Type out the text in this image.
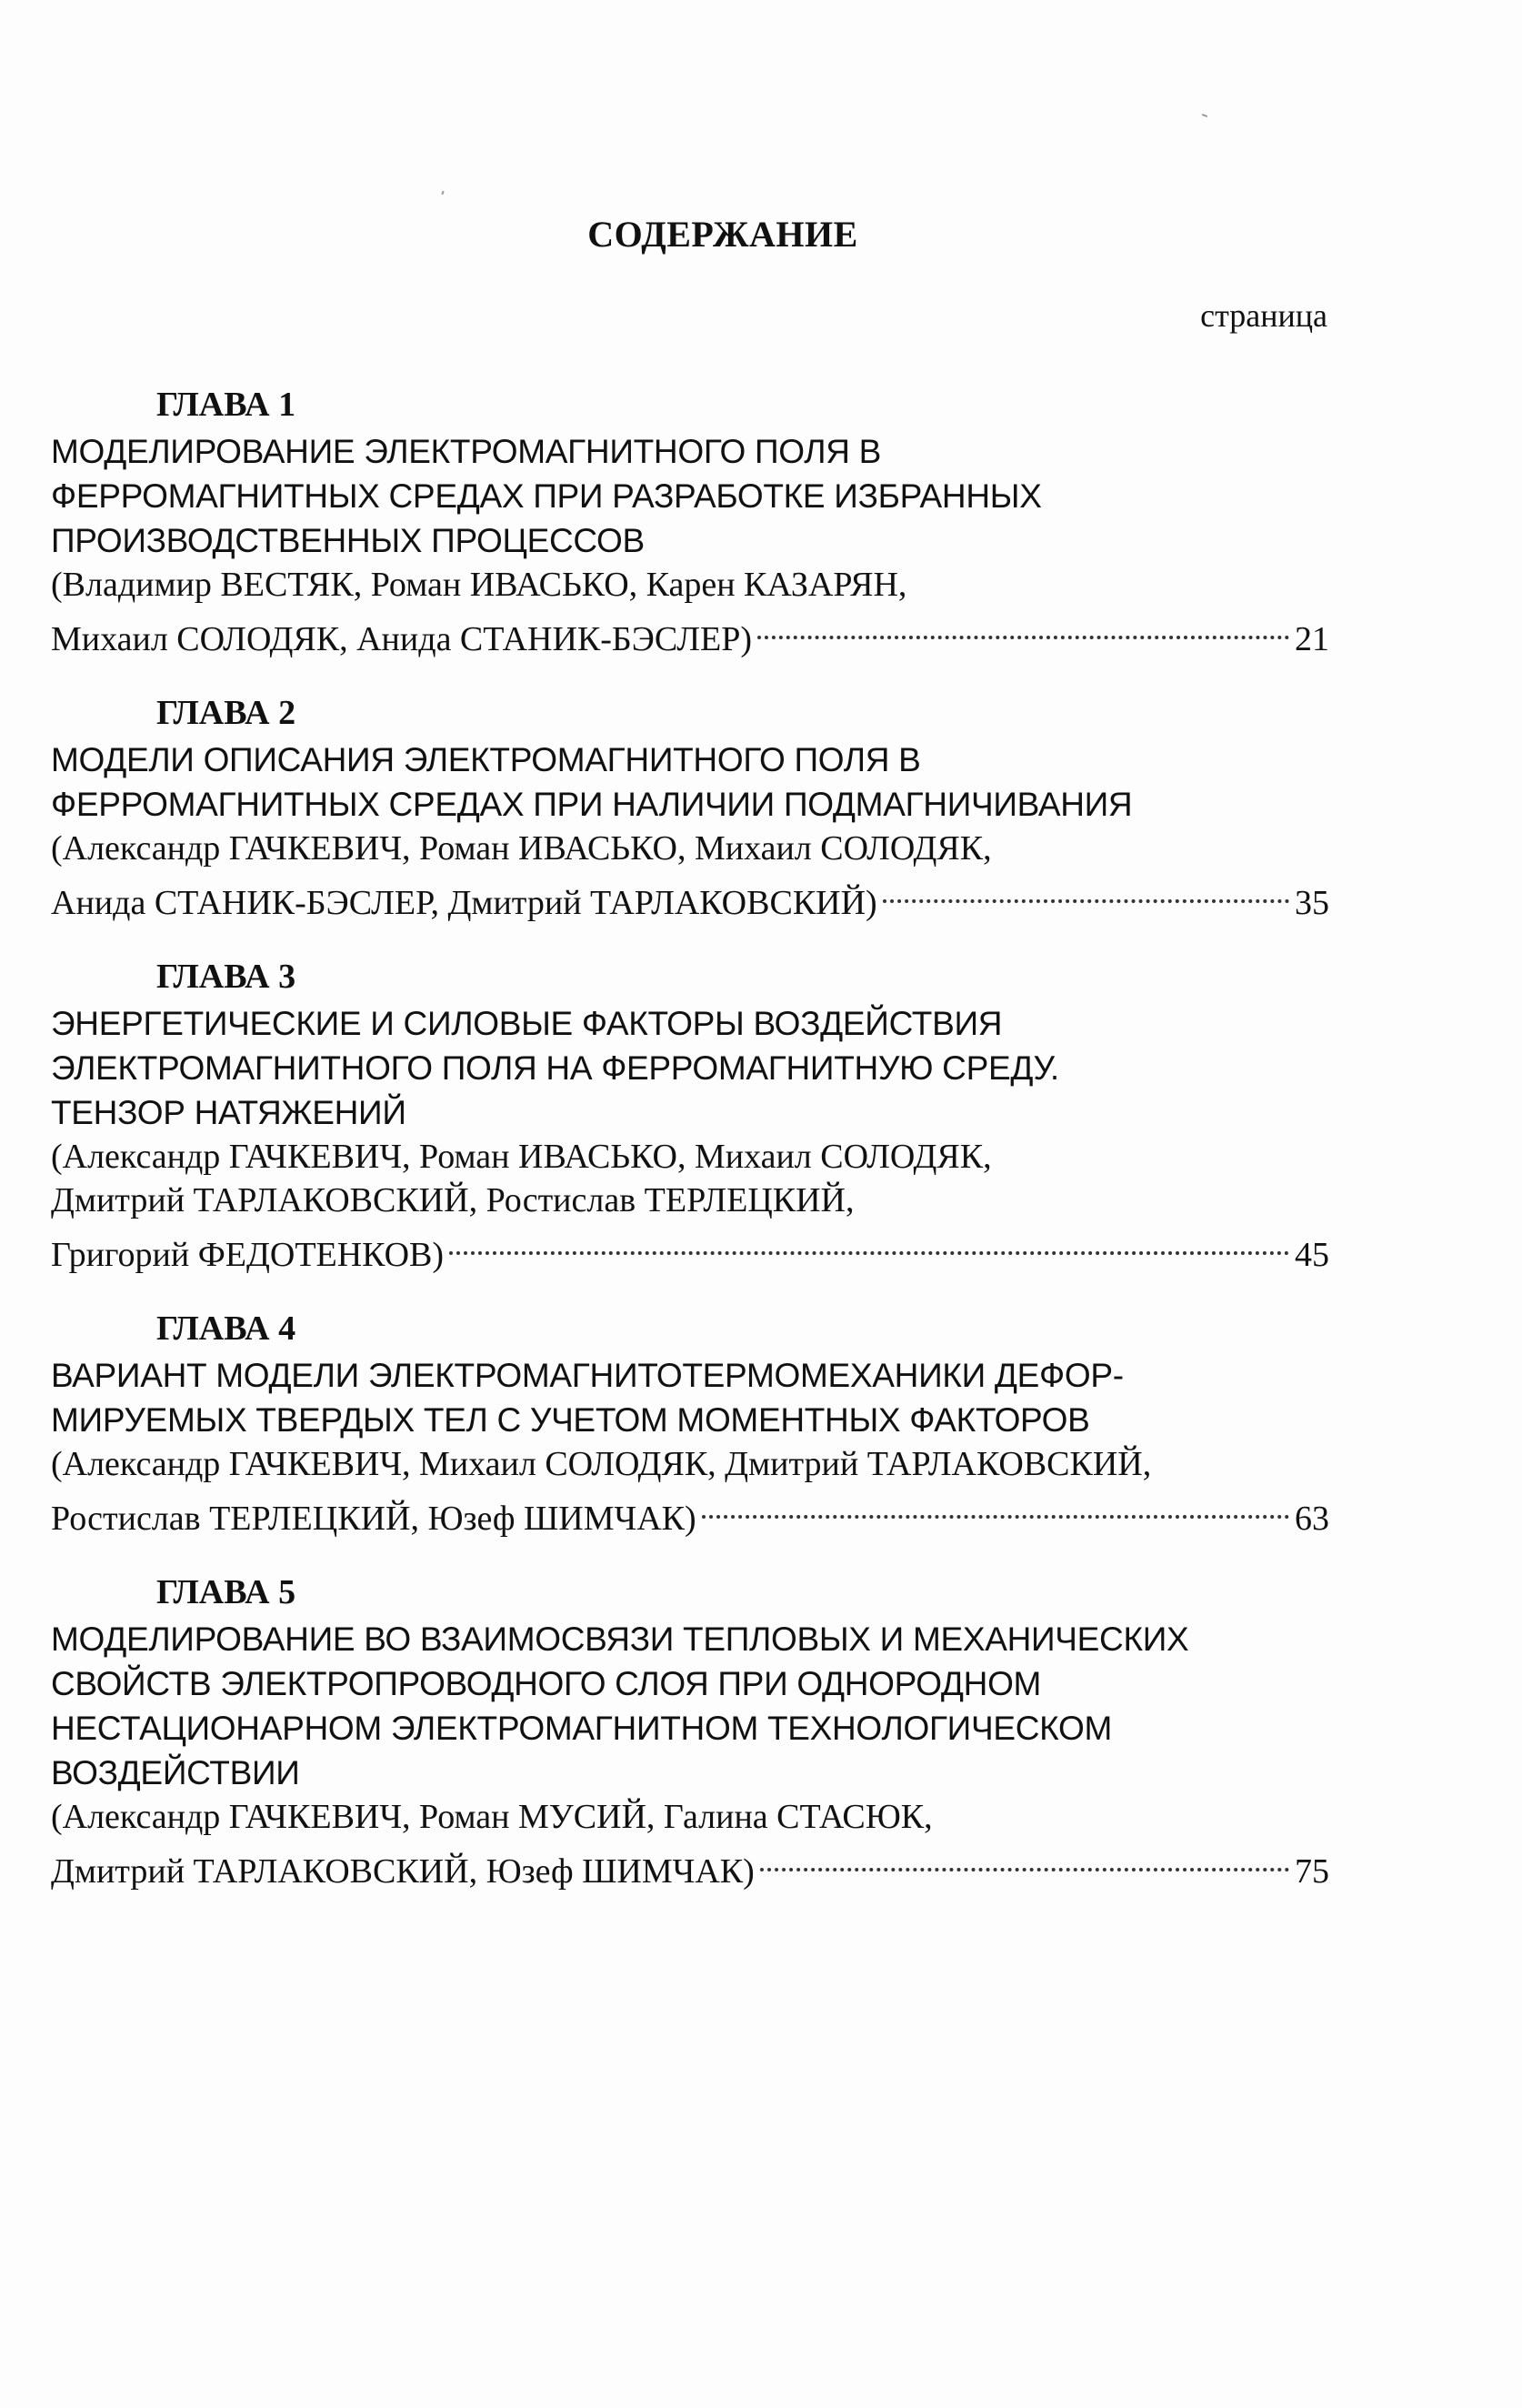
СОДЕРЖАНИЕ
страница
ГЛАВА 1
МОДЕЛИРОВАНИЕ ЭЛЕКТРОМАГНИТНОГО ПОЛЯ В
ФЕРРОМАГНИТНЫХ СРЕДАХ ПРИ РАЗРАБОТКЕ ИЗБРАННЫХ
ПРОИЗВОДСТВЕННЫХ ПРОЦЕССОВ
(Владимир ВЕСТЯК, Роман ИВАСЬКО, Карен КАЗАРЯН,
Михаил СОЛОДЯК, Анида СТАНИК-БЭСЛЕР)	21
ГЛАВА 2
МОДЕЛИ ОПИСАНИЯ ЭЛЕКТРОМАГНИТНОГО ПОЛЯ В
ФЕРРОМАГНИТНЫХ СРЕДАХ ПРИ НАЛИЧИИ ПОДМАГНИЧИВАНИЯ
(Александр ГАЧКЕВИЧ, Роман ИВАСЬКО, Михаил СОЛОДЯК,
Анида СТАНИК-БЭСЛЕР, Дмитрий ТАРЛАКОВСКИЙ)	35
ГЛАВА 3
ЭНЕРГЕТИЧЕСКИЕ И СИЛОВЫЕ ФАКТОРЫ ВОЗДЕЙСТВИЯ
ЭЛЕКТРОМАГНИТНОГО ПОЛЯ НА ФЕРРОМАГНИТНУЮ СРЕДУ.
ТЕНЗОР НАТЯЖЕНИЙ
(Александр ГАЧКЕВИЧ, Роман ИВАСЬКО, Михаил СОЛОДЯК,
Дмитрий ТАРЛАКОВСКИЙ, Ростислав ТЕРЛЕЦКИЙ,
Григорий ФЕДОТЕНКОВ)	45
ГЛАВА 4
ВАРИАНТ МОДЕЛИ ЭЛЕКТРОМАГНИТОТЕРМОМЕХАНИКИ ДЕФОР-
МИРУЕМЫХ ТВЕРДЫХ ТЕЛ С УЧЕТОМ МОМЕНТНЫХ ФАКТОРОВ
(Александр ГАЧКЕВИЧ, Михаил СОЛОДЯК, Дмитрий ТАРЛАКОВСКИЙ,
Ростислав ТЕРЛЕЦКИЙ, Юзеф ШИМЧАК)	63
ГЛАВА 5
МОДЕЛИРОВАНИЕ ВО ВЗАИМОСВЯЗИ ТЕПЛОВЫХ И МЕХАНИЧЕСКИХ
СВОЙСТВ ЭЛЕКТРОПРОВОДНОГО СЛОЯ ПРИ ОДНОРОДНОМ
НЕСТАЦИОНАРНОМ ЭЛЕКТРОМАГНИТНОМ ТЕХНОЛОГИЧЕСКОМ
ВОЗДЕЙСТВИИ
(Александр ГАЧКЕВИЧ, Роман МУСИЙ, Галина СТАСЮК,
Дмитрий ТАРЛАКОВСКИЙ, Юзеф ШИМЧАК)	75
